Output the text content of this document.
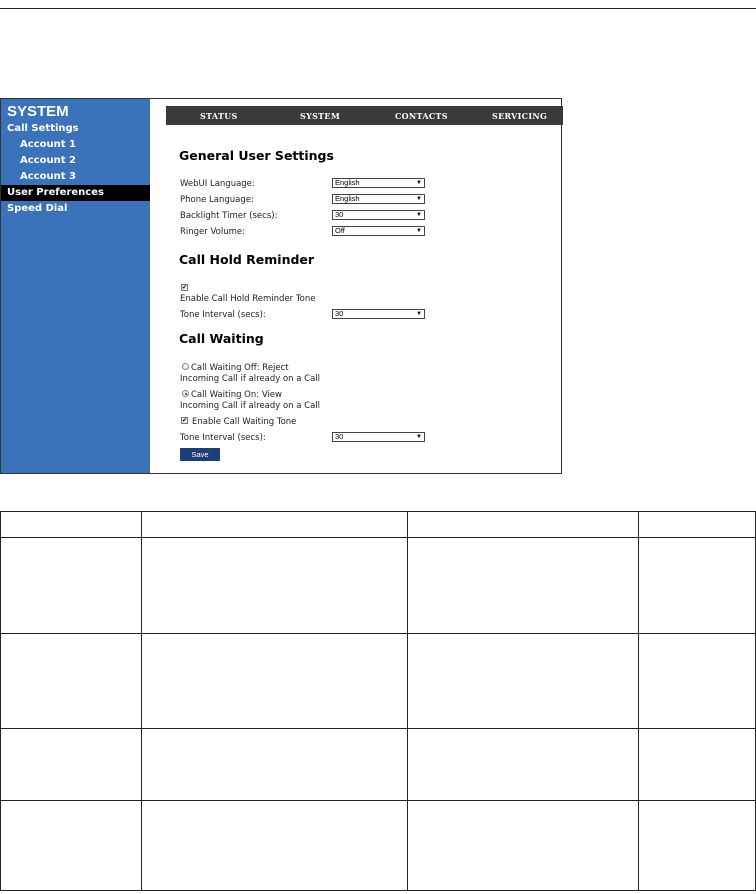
SYSTEM
Call Settings
Account 1
Account 2
Account 3
User Preferences
Speed Dial
STATUS	SYSTEM	CONTACTS	SERVICING
General User Settings
WebUI Language:	English	▼
Phone Language:	English	▼
Backlight Timer (secs):	30	▼
Ringer Volume:	Off	▼
Call Hold Reminder
✔
Enable Call Hold Reminder Tone
Tone Interval (secs):	30	▼
Call Waiting
Call Waiting Off: Reject
Incoming Call if already on a Call
Call Waiting On: View
Incoming Call if already on a Call
✔ Enable Call Waiting Tone
Tone Interval (secs):	30	▼
Save
